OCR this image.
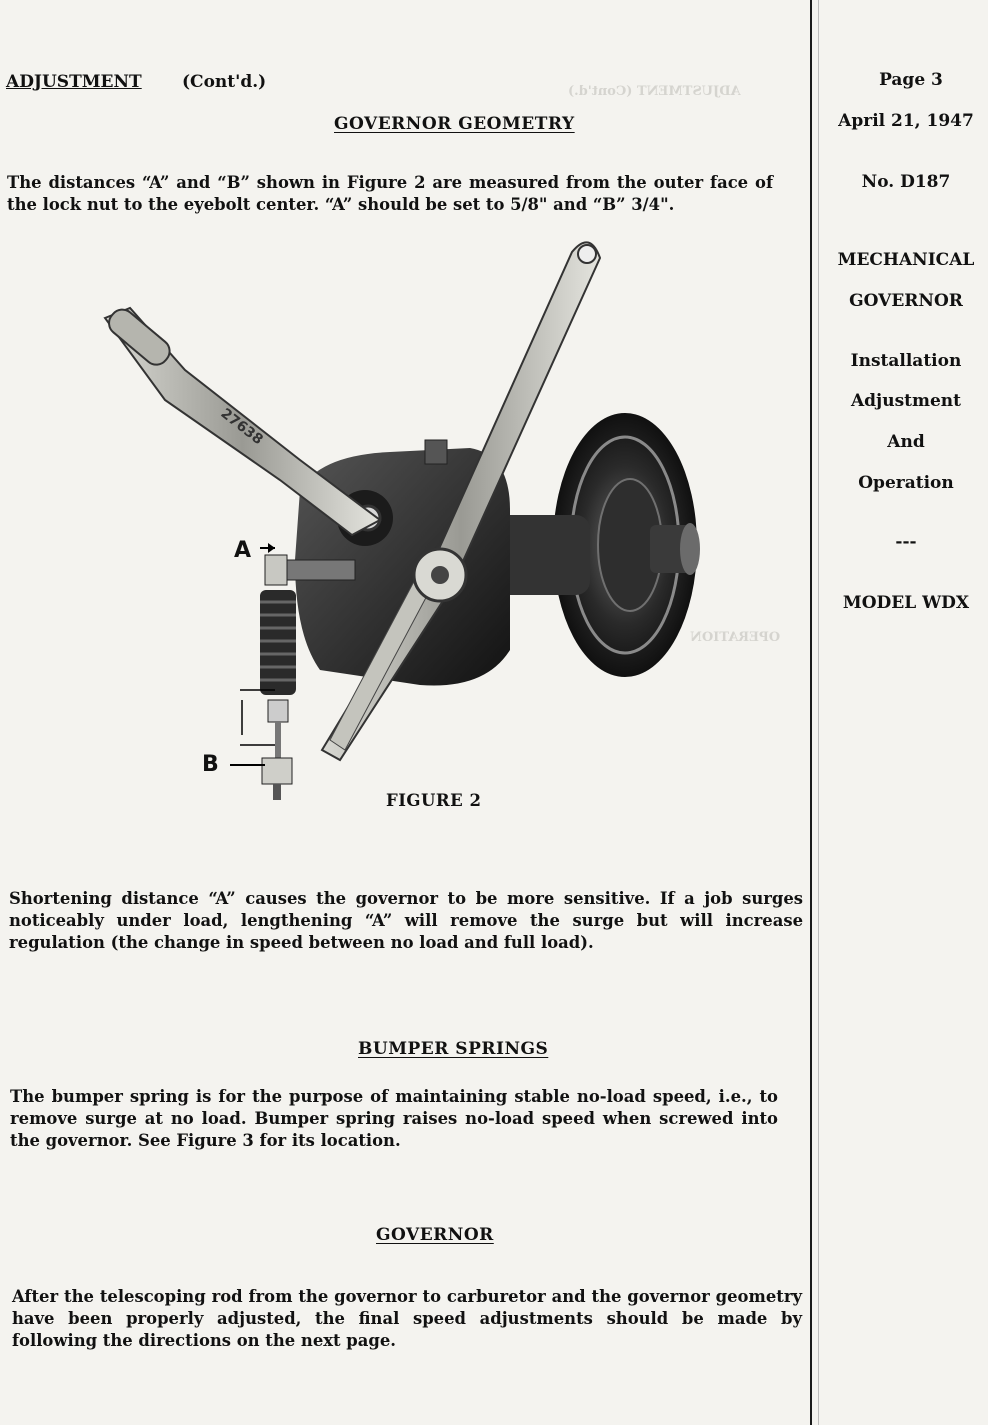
ADJUSTMENT (Cont'd.)
OPERATION
ADJUSTMENT (Cont'd.)	Page 3
April 21, 1947
No. D187
MECHANICAL
GOVERNOR
Installation
Adjustment
And
Operation
---
MODEL WDX
GOVERNOR GEOMETRY

The distances “A” and “B” shown in Figure 2 are measured from the outer face of the lock nut to the eyebolt center. “A” should be set to 5/8" and “B” 3/4".

27638
A
B
FIGURE 2

Shortening distance “A” causes the governor to be more sensitive. If a job surges noticeably under load, lengthening “A” will remove the surge but will increase regulation (the change in speed between no load and full load).

BUMPER SPRINGS

The bumper spring is for the purpose of maintaining stable no-load speed, i.e., to remove surge at no load. Bumper spring raises no-load speed when screwed into the governor. See Figure 3 for its location.

GOVERNOR

After the telescoping rod from the governor to carburetor and the governor geometry have been properly adjusted, the final speed adjustments should be made by following the directions on the next page.
